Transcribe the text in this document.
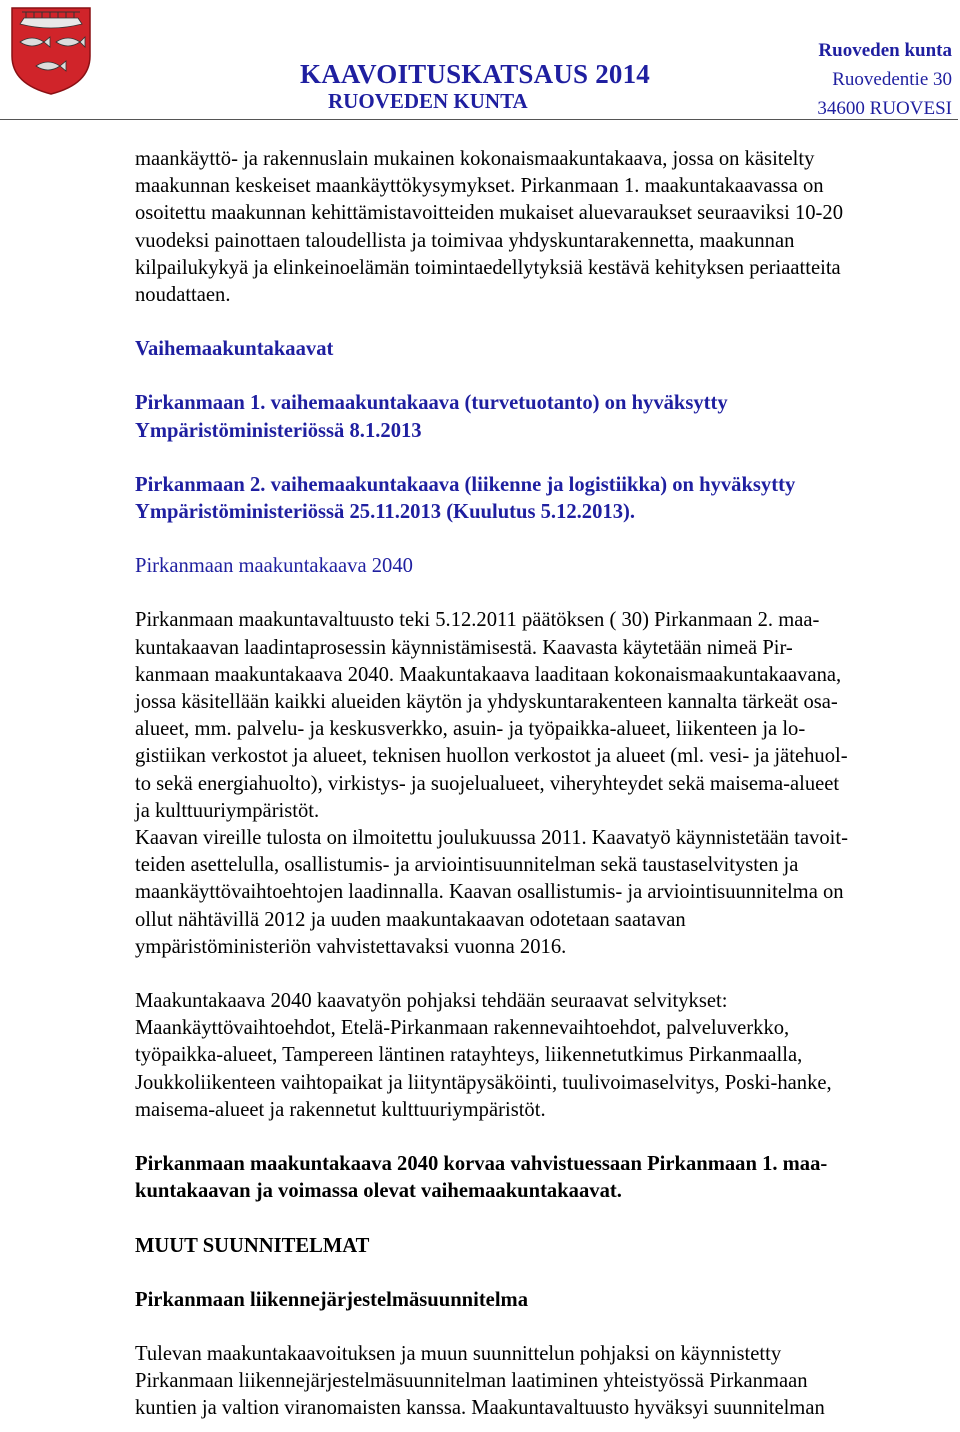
KAAVOITUSKATSAUS 2014
RUOVEDEN KUNTA
Ruoveden kunta
Ruovedentie 30
34600 RUOVESI

maankäyttö- ja rakennuslain mukainen kokonaismaakuntakaava, jossa on käsitelty
maakunnan keskeiset maankäyttökysymykset. Pirkanmaan 1. maakuntakaavassa on
osoitettu maakunnan kehittämistavoitteiden mukaiset aluevaraukset seuraaviksi 10-20
vuodeksi painottaen taloudellista ja toimivaa yhdyskuntarakennetta, maakunnan
kilpailukykyä ja elinkeinoelämän toimintaedellytyksiä kestävä kehityksen periaatteita
noudattaen.

Vaihemaakuntakaavat

Pirkanmaan 1. vaihemaakuntakaava (turvetuotanto) on hyväksytty
Ympäristöministeriössä 8.1.2013

Pirkanmaan 2. vaihemaakuntakaava (liikenne ja logistiikka) on hyväksytty
Ympäristöministeriössä 25.11.2013 (Kuulutus 5.12.2013).

Pirkanmaan maakuntakaava 2040

Pirkanmaan maakuntavaltuusto teki 5.12.2011 päätöksen ( 30) Pirkanmaan 2. maa-
kuntakaavan laadintaprosessin käynnistämisestä. Kaavasta käytetään nimeä Pir-
kanmaan maakuntakaava 2040. Maakuntakaava laaditaan kokonaismaakuntakaavana,
jossa käsitellään kaikki alueiden käytön ja yhdyskuntarakenteen kannalta tärkeät osa-
alueet, mm. palvelu- ja keskusverkko, asuin- ja työpaikka-alueet, liikenteen ja lo-
gistiikan verkostot ja alueet, teknisen huollon verkostot ja alueet (ml. vesi- ja jätehuol-
to sekä energiahuolto), virkistys- ja suojelualueet, viheryhteydet sekä maisema-alueet
ja kulttuuriympäristöt.
Kaavan vireille tulosta on ilmoitettu joulukuussa 2011. Kaavatyö käynnistetään tavoit-
teiden asettelulla, osallistumis- ja arviointisuunnitelman sekä taustaselvitysten ja
maankäyttövaihtoehtojen laadinnalla. Kaavan osallistumis- ja arviointisuunnitelma on
ollut nähtävillä 2012 ja uuden maakuntakaavan odotetaan saatavan
ympäristöministeriön vahvistettavaksi vuonna 2016.

Maakuntakaava 2040 kaavatyön pohjaksi tehdään seuraavat selvitykset:
Maankäyttövaihtoehdot, Etelä-Pirkanmaan rakennevaihtoehdot, palveluverkko,
työpaikka-alueet, Tampereen läntinen ratayhteys, liikennetutkimus Pirkanmaalla,
Joukkoliikenteen vaihtopaikat ja liityntäpysäköinti, tuulivoimaselvitys, Poski-hanke,
maisema-alueet ja rakennetut kulttuuriympäristöt.

Pirkanmaan maakuntakaava 2040 korvaa vahvistuessaan Pirkanmaan 1. maa-
kuntakaavan ja voimassa olevat vaihemaakuntakaavat.

MUUT SUUNNITELMAT

Pirkanmaan liikennejärjestelmäsuunnitelma

Tulevan maakuntakaavoituksen ja muun suunnittelun pohjaksi on käynnistetty
Pirkanmaan liikennejärjestelmäsuunnitelman laatiminen yhteistyössä Pirkanmaan
kuntien ja valtion viranomaisten kanssa. Maakuntavaltuusto hyväksyi suunnitelman
